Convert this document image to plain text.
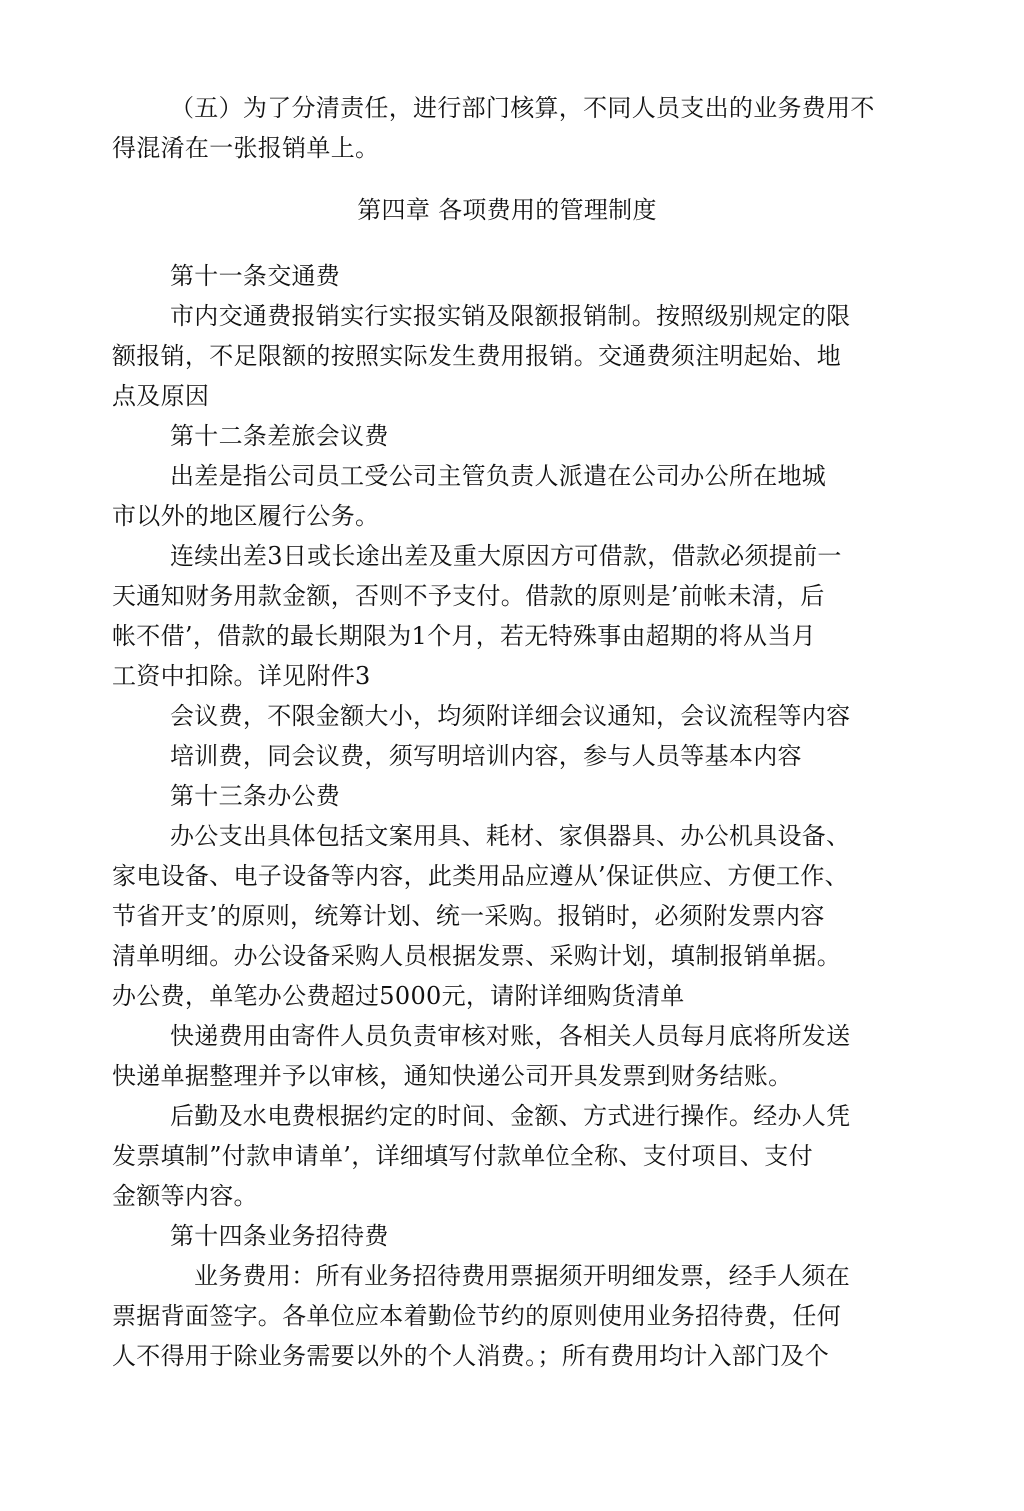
（五）为了分清责任，进行部门核算，不同人员支出的业务费用不
得混淆在一张报销单上。
第四章 各项费用的管理制度
第十一条交通费
市内交通费报销实行实报实销及限额报销制。按照级别规定的限
额报销，不足限额的按照实际发生费用报销。交通费须注明起始、地
点及原因
第十二条差旅会议费
出差是指公司员工受公司主管负责人派遣在公司办公所在地城
市以外的地区履行公务。
连续出差3日或长途出差及重大原因方可借款，借款必须提前一
天通知财务用款金额，否则不予支付。借款的原则是’前帐未清，后
帐不借’，借款的最长期限为1个月，若无特殊事由超期的将从当月
工资中扣除。详见附件3
会议费，不限金额大小，均须附详细会议通知，会议流程等内容
培训费，同会议费，须写明培训内容，参与人员等基本内容
第十三条办公费
办公支出具体包括文案用具、耗材、家俱器具、办公机具设备、
家电设备、电子设备等内容，此类用品应遵从’保证供应、方便工作、
节省开支’的原则，统筹计划、统一采购。报销时，必须附发票内容
清单明细。办公设备采购人员根据发票、采购计划，填制报销单据。
办公费，单笔办公费超过5000元，请附详细购货清单
快递费用由寄件人员负责审核对账，各相关人员每月底将所发送
快递单据整理并予以审核，通知快递公司开具发票到财务结账。
后勤及水电费根据约定的时间、金额、方式进行操作。经办人凭
发票填制”付款申请单’，详细填写付款单位全称、支付项目、支付
金额等内容。
第十四条业务招待费
业务费用：所有业务招待费用票据须开明细发票，经手人须在
票据背面签字。各单位应本着勤俭节约的原则使用业务招待费，任何
人不得用于除业务需要以外的个人消费。；所有费用均计入部门及个
